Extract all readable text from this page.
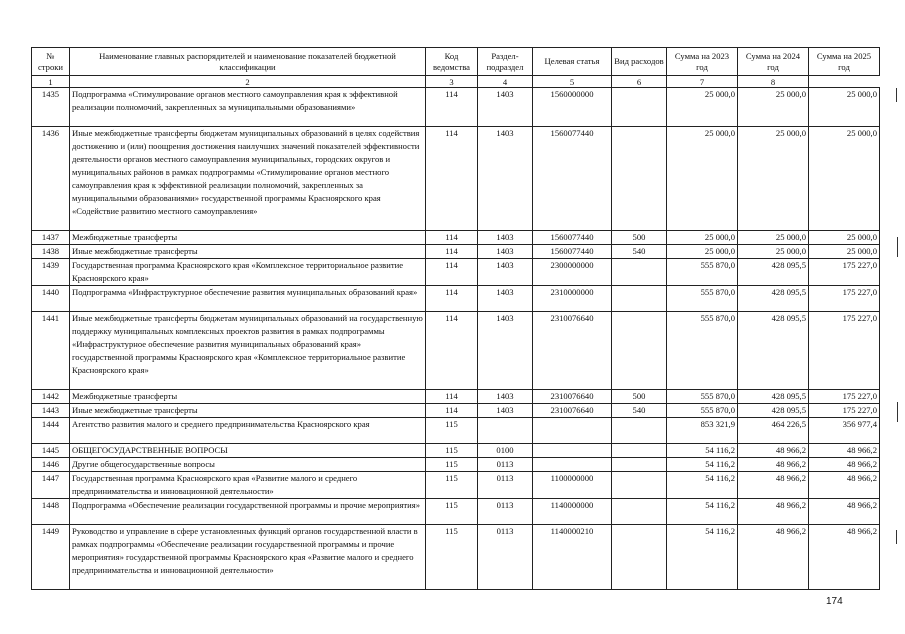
№ строки	Наименование главных распорядителей и наименование показателей бюджетной классификации	Код ведомства	Раздел-подраздел	Целевая статья	Вид расходов	Сумма на 2023 год	Сумма на 2024 год	Сумма на 2025 год
1	2	3	4	5	6	7	8	
1435	Подпрограмма «Стимулирование органов местного самоуправления края к эффективной реализации полномочий, закрепленных за муниципальными образованиями»	114	1403	1560000000		25 000,0	25 000,0	25 000,0
1436	Иные межбюджетные трансферты бюджетам муниципальных образований в целях содействия достижению и (или) поощрения достижения наилучших значений показателей эффективности деятельности органов местного самоуправления муниципальных, городских округов и муниципальных районов в рамках подпрограммы «Стимулирование органов местного самоуправления края к эффективной реализации полномочий, закрепленных за муниципальными образованиями» государственной программы Красноярского края «Содействие развитию местного самоуправления»	114	1403	1560077440		25 000,0	25 000,0	25 000,0
1437	Межбюджетные трансферты	114	1403	1560077440	500	25 000,0	25 000,0	25 000,0
1438	Иные межбюджетные трансферты	114	1403	1560077440	540	25 000,0	25 000,0	25 000,0
1439	Государственная программа Красноярского края «Комплексное территориальное развитие Красноярского края»	114	1403	2300000000		555 870,0	428 095,5	175 227,0
1440	Подпрограмма «Инфраструктурное обеспечение развития муниципальных образований края»	114	1403	2310000000		555 870,0	428 095,5	175 227,0
1441	Иные межбюджетные трансферты бюджетам муниципальных образований на государственную поддержку муниципальных комплексных проектов развития в рамках подпрограммы «Инфраструктурное обеспечение развития муниципальных образований края» государственной программы Красноярского края «Комплексное территориальное развитие Красноярского края»	114	1403	2310076640		555 870,0	428 095,5	175 227,0
1442	Межбюджетные трансферты	114	1403	2310076640	500	555 870,0	428 095,5	175 227,0
1443	Иные межбюджетные трансферты	114	1403	2310076640	540	555 870,0	428 095,5	175 227,0
1444	Агентство развития малого и среднего предпринимательства Красноярского края	115				853 321,9	464 226,5	356 977,4
1445	ОБЩЕГОСУДАРСТВЕННЫЕ ВОПРОСЫ	115	0100			54 116,2	48 966,2	48 966,2
1446	Другие общегосударственные вопросы	115	0113			54 116,2	48 966,2	48 966,2
1447	Государственная программа Красноярского края «Развитие малого и среднего предпринимательства и инновационной деятельности»	115	0113	1100000000		54 116,2	48 966,2	48 966,2
1448	Подпрограмма «Обеспечение реализации государственной программы и прочие мероприятия»	115	0113	1140000000		54 116,2	48 966,2	48 966,2
1449	Руководство и управление в сфере установленных функций органов государственной власти в рамках подпрограммы «Обеспечение реализации государственной программы и прочие мероприятия» государственной программы Красноярского края «Развитие малого и среднего предпринимательства и инновационной деятельности»	115	0113	1140000210		54 116,2	48 966,2	48 966,2
174
